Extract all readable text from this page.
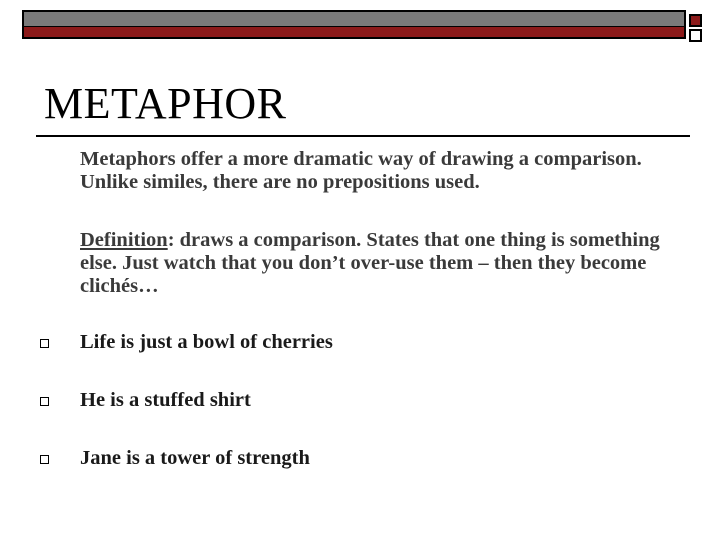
METAPHOR
Metaphors offer a more dramatic way of drawing a comparison. Unlike similes, there are no prepositions used.
Definition: draws a comparison. States that one thing is something else. Just watch that you don’t over-use them – then they become clichés…
Life is just a bowl of cherries
He is a stuffed shirt
Jane is a tower of strength
